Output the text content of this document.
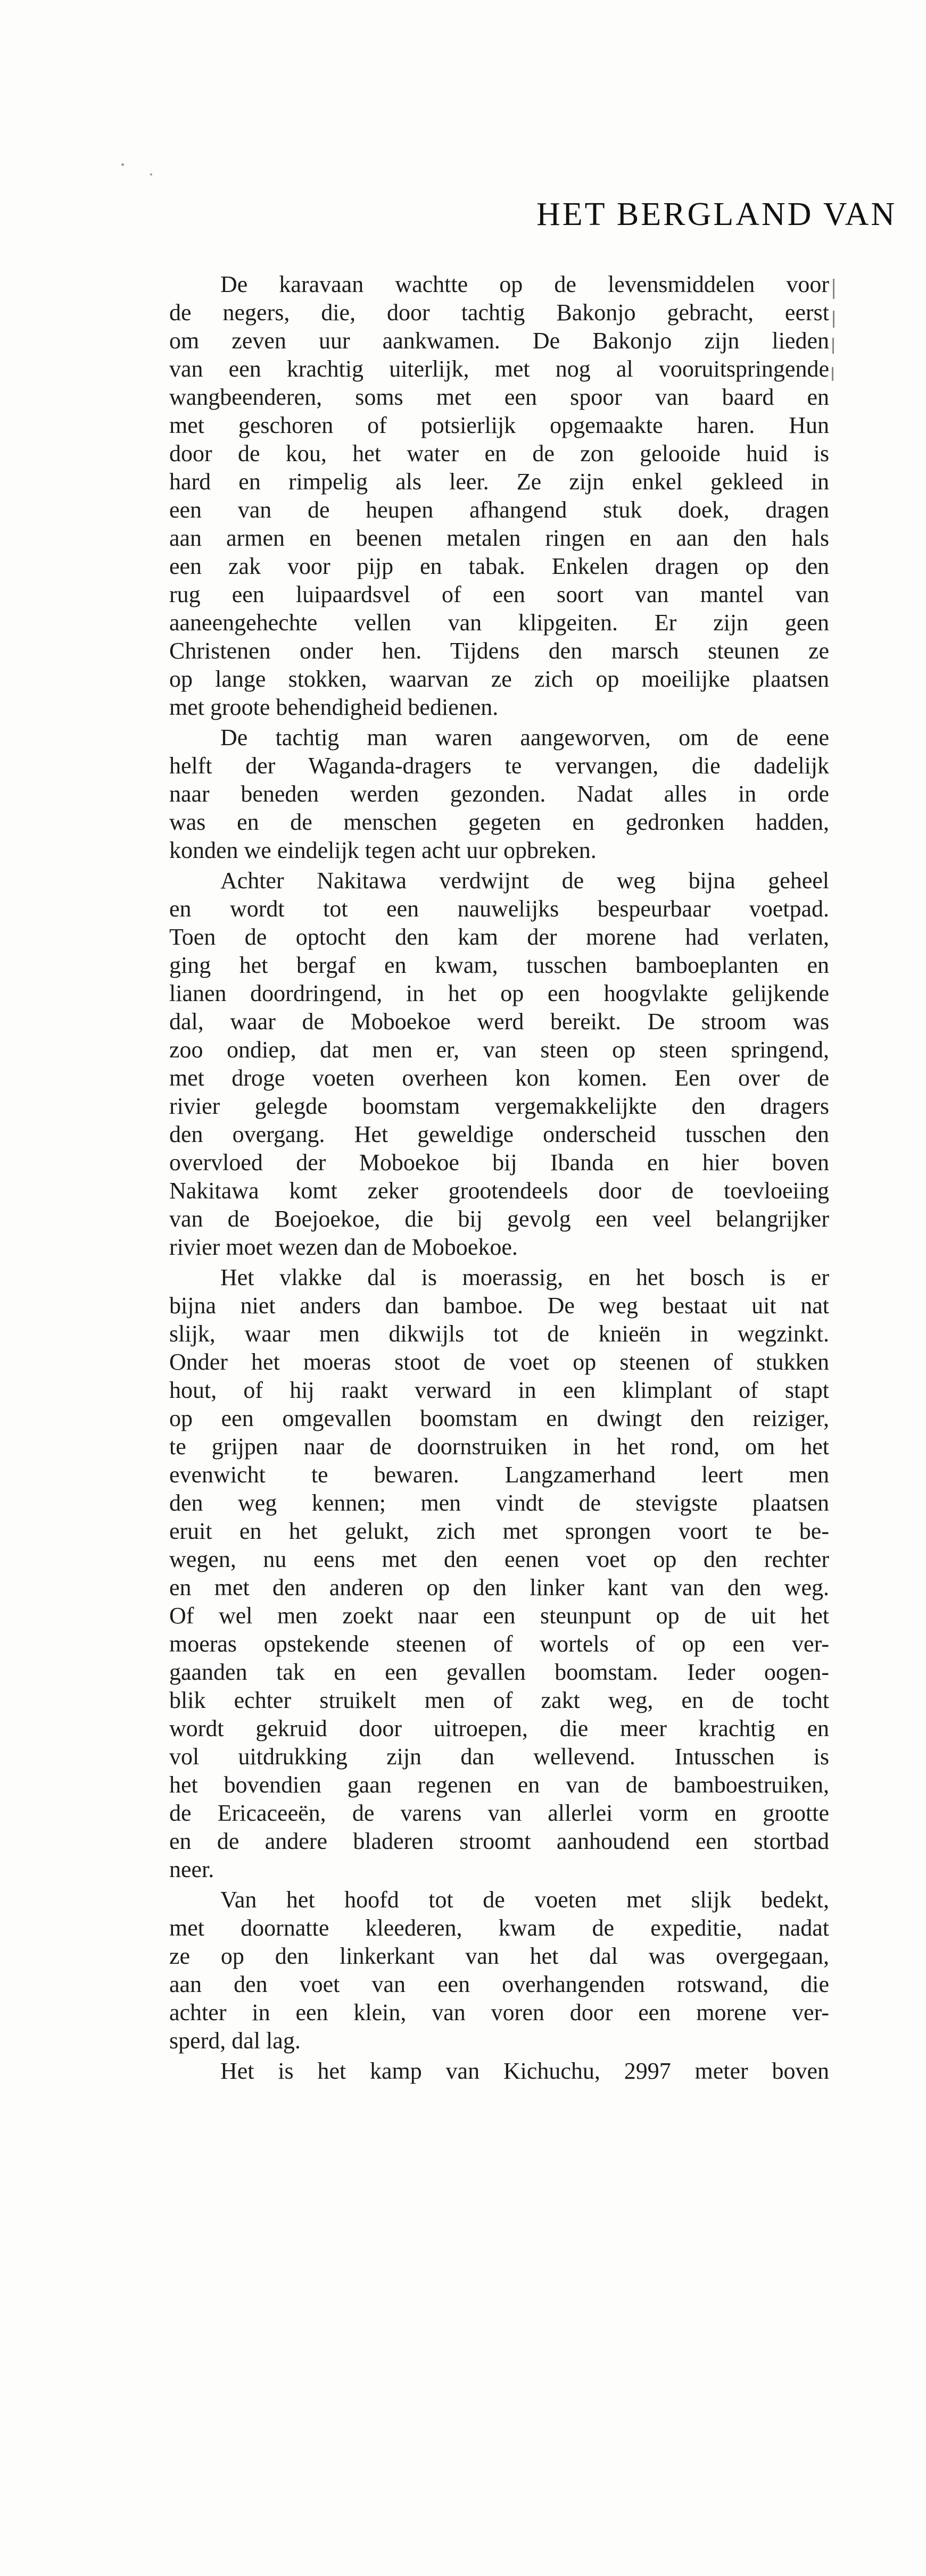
HET BERGLAND VAN
De karavaan wachtte op de levensmiddelen voor
de negers, die, door tachtig Bakonjo gebracht, eerst
om zeven uur aankwamen. De Bakonjo zijn lieden
van een krachtig uiterlijk, met nog al vooruitspringende
wangbeenderen, soms met een spoor van baard en
met geschoren of potsierlijk opgemaakte haren. Hun
door de kou, het water en de zon gelooide huid is
hard en rimpelig als leer. Ze zijn enkel gekleed in
een van de heupen afhangend stuk doek, dragen
aan armen en beenen metalen ringen en aan den hals
een zak voor pijp en tabak. Enkelen dragen op den
rug een luipaardsvel of een soort van mantel van
aaneengehechte vellen van klipgeiten. Er zijn geen
Christenen onder hen. Tijdens den marsch steunen ze
op lange stokken, waarvan ze zich op moeilijke plaatsen
met groote behendigheid bedienen.
De tachtig man waren aangeworven, om de eene
helft der Waganda-dragers te vervangen, die dadelijk
naar beneden werden gezonden. Nadat alles in orde
was en de menschen gegeten en gedronken hadden,
konden we eindelijk tegen acht uur opbreken.
Achter Nakitawa verdwijnt de weg bijna geheel
en wordt tot een nauwelijks bespeurbaar voetpad.
Toen de optocht den kam der morene had verlaten,
ging het bergaf en kwam, tusschen bamboeplanten en
lianen doordringend, in het op een hoogvlakte gelijkende
dal, waar de Moboekoe werd bereikt. De stroom was
zoo ondiep, dat men er, van steen op steen springend,
met droge voeten overheen kon komen. Een over de
rivier gelegde boomstam vergemakkelijkte den dragers
den overgang. Het geweldige onderscheid tusschen den
overvloed der Moboekoe bij Ibanda en hier boven
Nakitawa komt zeker grootendeels door de toevloeiing
van de Boejoekoe, die bij gevolg een veel belangrijker
rivier moet wezen dan de Moboekoe.
Het vlakke dal is moerassig, en het bosch is er
bijna niet anders dan bamboe. De weg bestaat uit nat
slijk, waar men dikwijls tot de knieën in wegzinkt.
Onder het moeras stoot de voet op steenen of stukken
hout, of hij raakt verward in een klimplant of stapt
op een omgevallen boomstam en dwingt den reiziger,
te grijpen naar de doornstruiken in het rond, om het
evenwicht te bewaren. Langzamerhand leert men
den weg kennen; men vindt de stevigste plaatsen
eruit en het gelukt, zich met sprongen voort te be-
wegen, nu eens met den eenen voet op den rechter
en met den anderen op den linker kant van den weg.
Of wel men zoekt naar een steunpunt op de uit het
moeras opstekende steenen of wortels of op een ver-
gaanden tak en een gevallen boomstam. Ieder oogen-
blik echter struikelt men of zakt weg, en de tocht
wordt gekruid door uitroepen, die meer krachtig en
vol uitdrukking zijn dan wellevend. Intusschen is
het bovendien gaan regenen en van de bamboestruiken,
de Ericaceeën, de varens van allerlei vorm en grootte
en de andere bladeren stroomt aanhoudend een stortbad
neer.
Van het hoofd tot de voeten met slijk bedekt,
met doornatte kleederen, kwam de expeditie, nadat
ze op den linkerkant van het dal was overgegaan,
aan den voet van een overhangenden rotswand, die
achter in een klein, van voren door een morene ver-
sperd, dal lag.
Het is het kamp van Kichuchu, 2997 meter boven
